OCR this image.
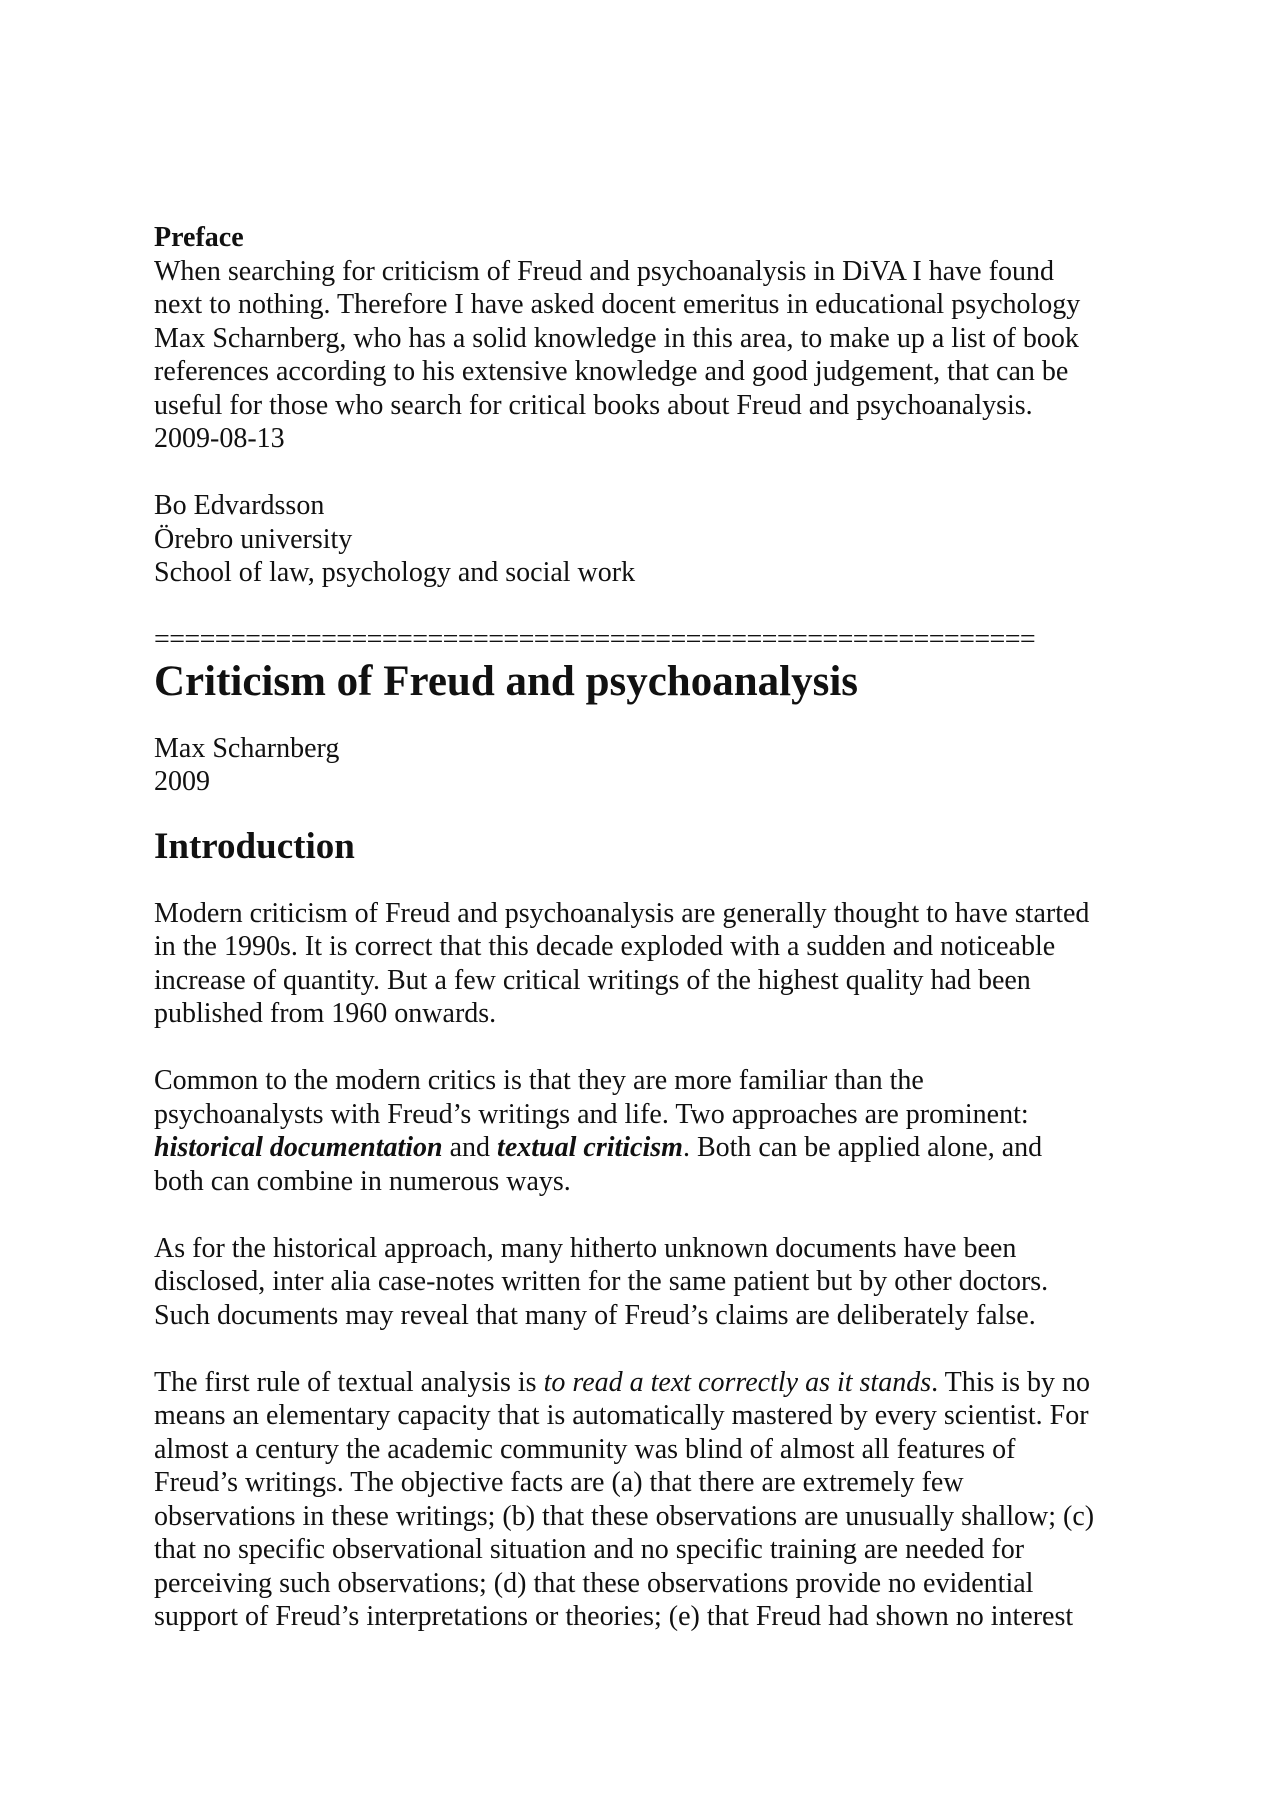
Preface

When searching for criticism of Freud and psychoanalysis in DiVA I have found

next to nothing. Therefore I have asked docent emeritus in educational psychology

Max Scharnberg, who has a solid knowledge in this area, to make up a list of book

references according to his extensive knowledge and good judgement, that can be

useful for those who search for critical books about Freud and psychoanalysis.

2009-08-13

Bo Edvardsson

Örebro university

School of law, psychology and social work

==========================================================
Criticism of Freud and psychoanalysis

Max Scharnberg

2009

Introduction

Modern criticism of Freud and psychoanalysis are generally thought to have started

in the 1990s. It is correct that this decade exploded with a sudden and noticeable

increase of quantity. But a few critical writings of the highest quality had been

published from 1960 onwards.

Common to the modern critics is that they are more familiar than the

psychoanalysts with Freud’s writings and life. Two approaches are prominent:

historical documentation and textual criticism. Both can be applied alone, and

both can combine in numerous ways.

As for the historical approach, many hitherto unknown documents have been

disclosed, inter alia case-notes written for the same patient but by other doctors.

Such documents may reveal that many of Freud’s claims are deliberately false.

The first rule of textual analysis is to read a text correctly as it stands. This is by no

means an elementary capacity that is automatically mastered by every scientist. For

almost a century the academic community was blind of almost all features of

Freud’s writings. The objective facts are (a) that there are extremely few

observations in these writings; (b) that these observations are unusually shallow; (c)

that no specific observational situation and no specific training are needed for

perceiving such observations; (d) that these observations provide no evidential

support of Freud’s interpretations or theories; (e) that Freud had shown no interest
